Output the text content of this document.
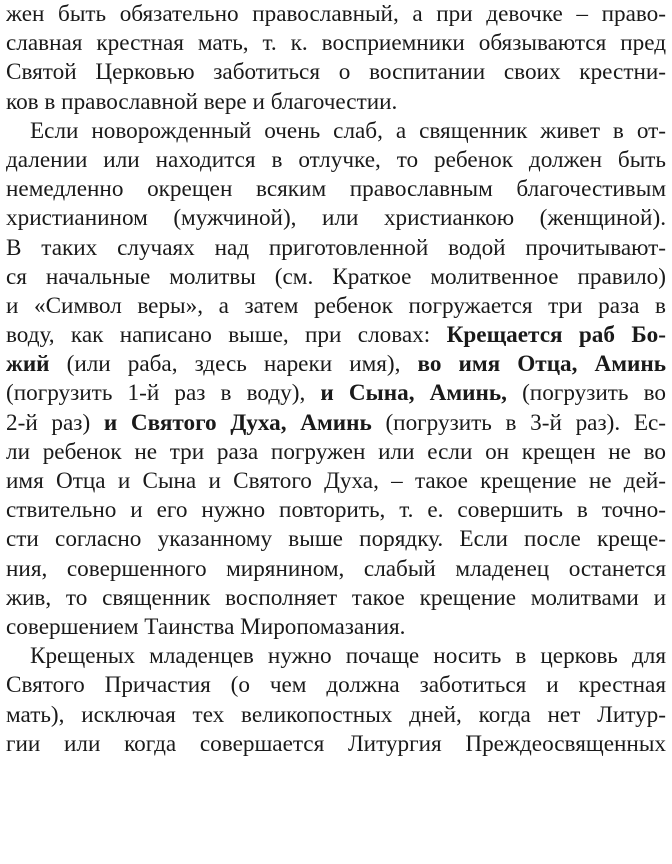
жен быть обязательно православный, а при девочке – право-
славная крестная мать, т. к. восприемники обязываются пред
Святой Церковью заботиться о воспитании своих крестни-
ков в православной вере и благочестии.
Если новорожденный очень слаб, а священник живет в от-
далении или находится в отлучке, то ребенок должен быть
немедленно окрещен всяким православным благочестивым
христианином (мужчиной), или христианкою (женщиной).
В таких случаях над приготовленной водой прочитывают-
ся начальные молитвы (см. Краткое молитвенное правило)
и «Символ веры», а затем ребенок погружается три раза в
воду, как написано выше, при словах: Крещается раб Бо-
жий (или раба, здесь нареки имя), во имя Отца, Аминь
(погрузить 1-й раз в воду), и Сына, Аминь, (погрузить во
2-й раз) и Святого Духа, Аминь (погрузить в 3-й раз). Ес-
ли ребенок не три раза погружен или если он крещен не во
имя Отца и Сына и Святого Духа, – такое крещение не дей-
ствительно и его нужно повторить, т. е. совершить в точно-
сти согласно указанному выше порядку. Если после креще-
ния, совершенного мирянином, слабый младенец останется
жив, то священник восполняет такое крещение молитвами и
совершением Таинства Миропомазания.
Крещеных младенцев нужно почаще носить в церковь для
Святого Причастия (о чем должна заботиться и крестная
мать), исключая тех великопостных дней, когда нет Литур-
гии или когда совершается Литургия Преждеосвященных
